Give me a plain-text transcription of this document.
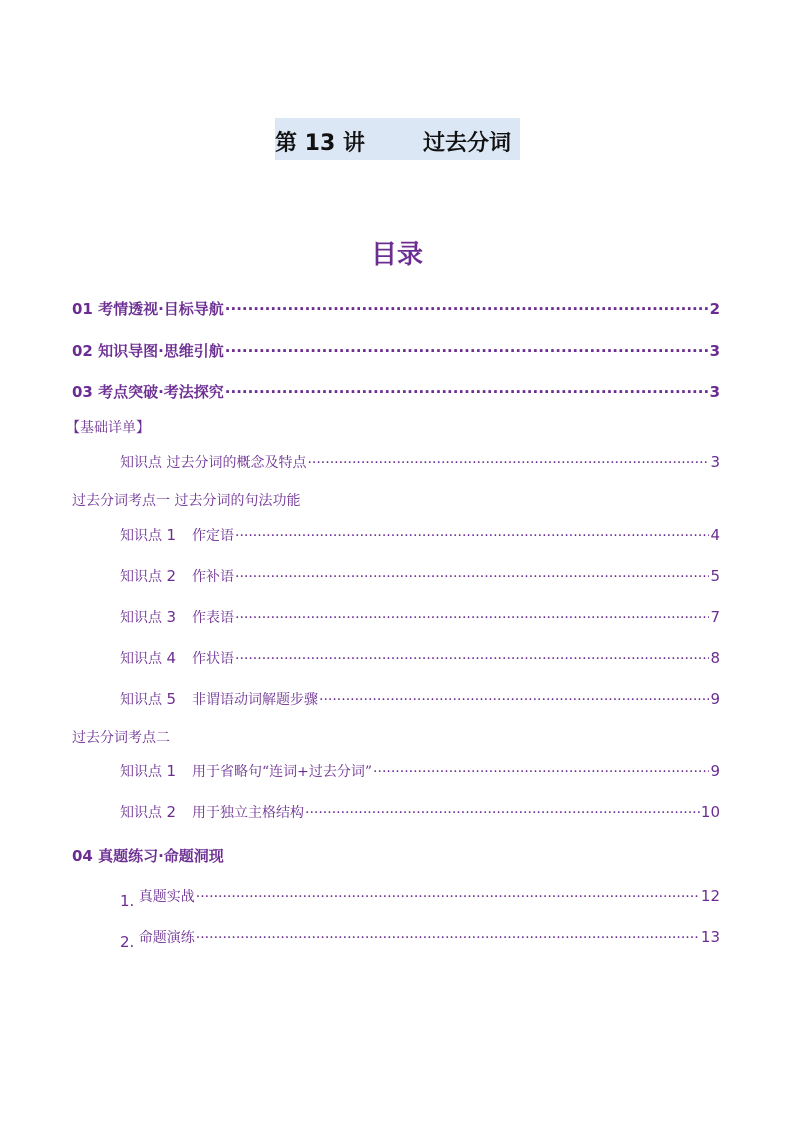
第 13 讲	过去分词
目录
01 考情透视·目标导航 .....	2
02 知识导图·思维引航 .....	3
03 考点突破·考法探究 .....	3
【基础详单】
知识点 过去分词的概念及特点 .....	3
过去分词考点一 过去分词的句法功能
知识点 1 作定语 .....	4
知识点 2 作补语 .....	5
知识点 3 作表语 .....	7
知识点 4 作状语 .....	8
知识点 5 非谓语动词解题步骤 .....	9
过去分词考点二
知识点 1 用于省略句“连词+过去分词” .....	9
知识点 2 用于独立主格结构 .....	10
04 真题练习·命题洞现
1. 真题实战 .....	12
2. 命题演练 .....	13
